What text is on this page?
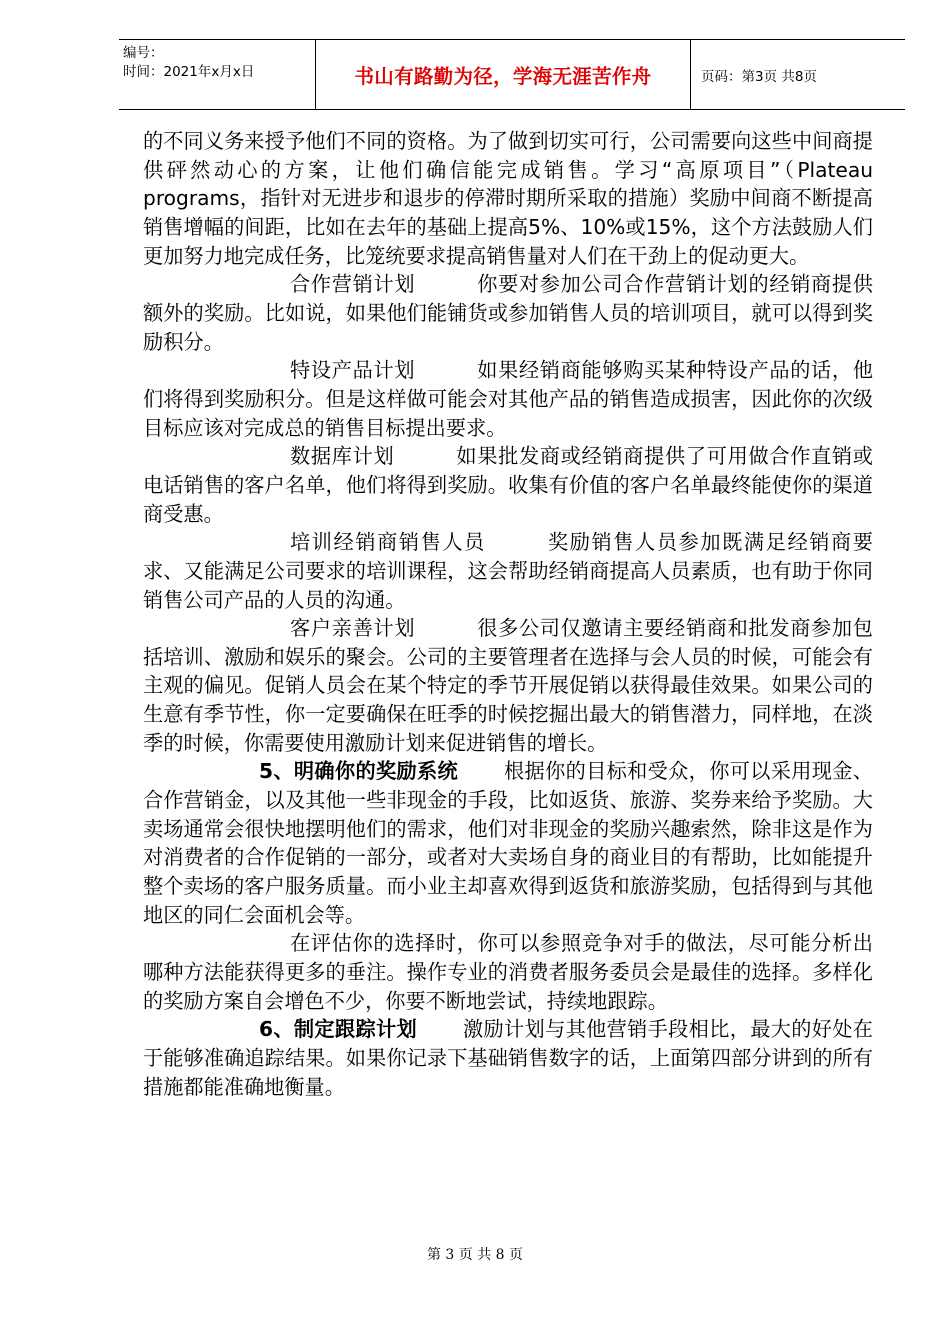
编号：
时间：2021年x月x日	书山有路勤为径，学海无涯苦作舟	页码：第3页 共8页

的不同义务来授予他们不同的资格。为了做到切实可行，公司需要向这些中间商提供砰然动心的方案，让他们确信能完成销售。学习“高原项目”（Plateau programs，指针对无进步和退步的停滞时期所采取的措施）奖励中间商不断提高销售增幅的间距，比如在去年的基础上提高5%、10%或15%，这个方法鼓励人们更加努力地完成任务，比笼统要求提高销售量对人们在干劲上的促动更大。

合作营销计划	你要对参加公司合作营销计划的经销商提供额外的奖励。比如说，如果他们能铺货或参加销售人员的培训项目，就可以得到奖励积分。

特设产品计划	如果经销商能够购买某种特设产品的话，他们将得到奖励积分。但是这样做可能会对其他产品的销售造成损害，因此你的次级目标应该对完成总的销售目标提出要求。

数据库计划	如果批发商或经销商提供了可用做合作直销或电话销售的客户名单，他们将得到奖励。收集有价值的客户名单最终能使你的渠道商受惠。

培训经销商销售人员	奖励销售人员参加既满足经销商要求、又能满足公司要求的培训课程，这会帮助经销商提高人员素质，也有助于你同销售公司产品的人员的沟通。

客户亲善计划	很多公司仅邀请主要经销商和批发商参加包括培训、激励和娱乐的聚会。公司的主要管理者在选择与会人员的时候，可能会有主观的偏见。促销人员会在某个特定的季节开展促销以获得最佳效果。如果公司的生意有季节性，你一定要确保在旺季的时候挖掘出最大的销售潜力，同样地，在淡季的时候，你需要使用激励计划来促进销售的增长。

5、明确你的奖励系统 根据你的目标和受众，你可以采用现金、合作营销金，以及其他一些非现金的手段，比如返货、旅游、奖券来给予奖励。大卖场通常会很快地摆明他们的需求，他们对非现金的奖励兴趣索然，除非这是作为对消费者的合作促销的一部分，或者对大卖场自身的商业目的有帮助，比如能提升整个卖场的客户服务质量。而小业主却喜欢得到返货和旅游奖励，包括得到与其他地区的同仁会面机会等。

在评估你的选择时，你可以参照竞争对手的做法，尽可能分析出哪种方法能获得更多的垂注。操作专业的消费者服务委员会是最佳的选择。多样化的奖励方案自会增色不少，你要不断地尝试，持续地跟踪。

6、制定跟踪计划 激励计划与其他营销手段相比，最大的好处在于能够准确追踪结果。如果你记录下基础销售数字的话，上面第四部分讲到的所有措施都能准确地衡量。

第 3 页 共 8 页
